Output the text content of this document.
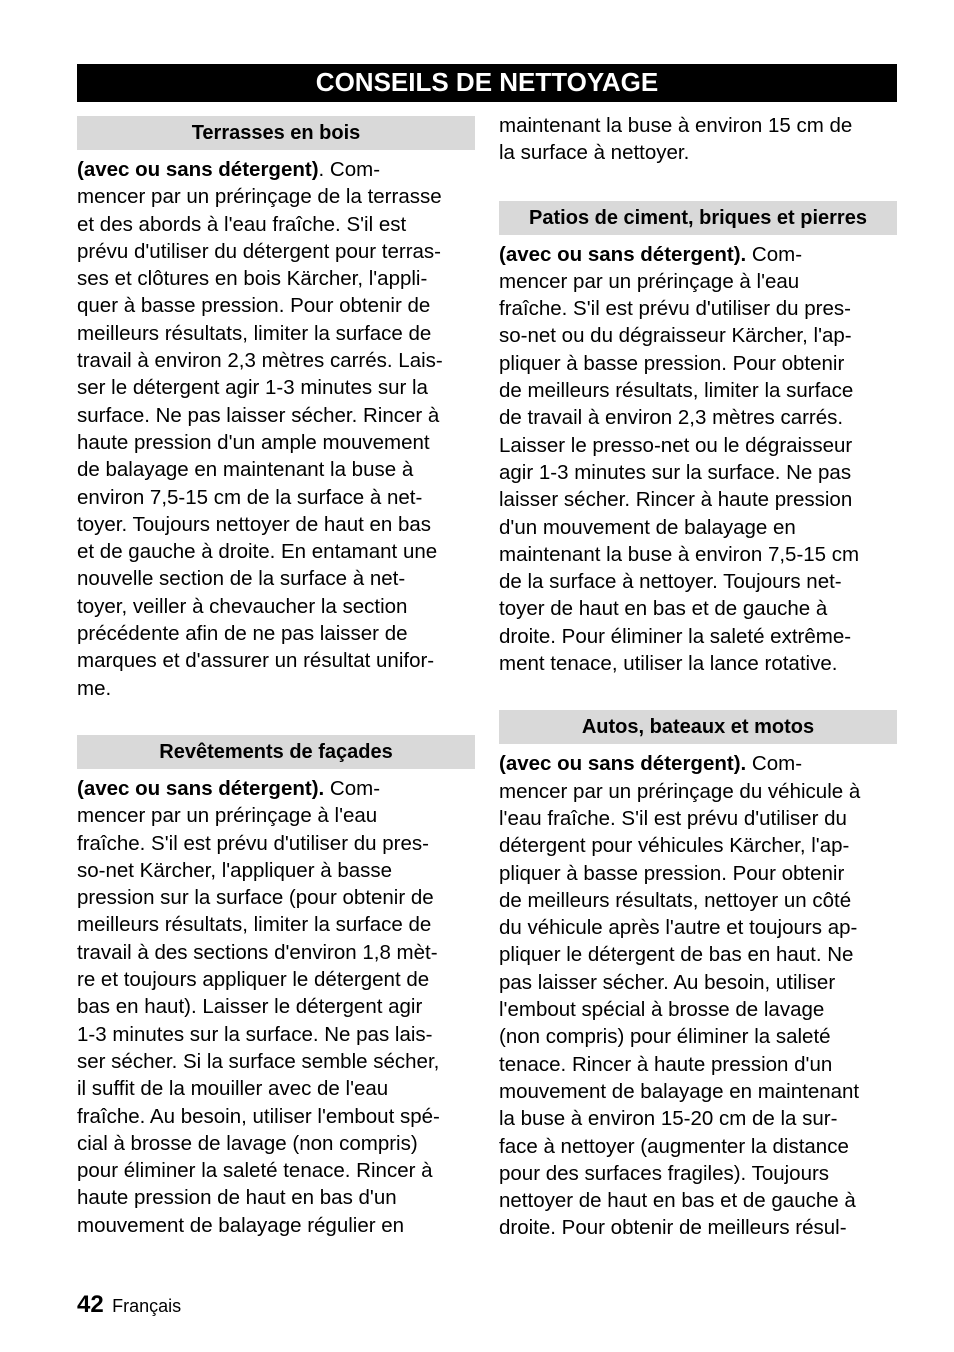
CONSEILS DE NETTOYAGE
Terrasses en bois
(avec ou sans détergent). Com-
mencer par un prérinçage de la terrasse
et des abords à l'eau fraîche. S'il est
prévu d'utiliser du détergent pour terras-
ses et clôtures en bois Kärcher, l'appli-
quer à basse pression. Pour obtenir de
meilleurs résultats, limiter la surface de
travail à environ 2,3 mètres carrés. Lais-
ser le détergent agir 1-3 minutes sur la
surface. Ne pas laisser sécher. Rincer à
haute pression d'un ample mouvement
de balayage en maintenant la buse à
environ 7,5-15 cm de la surface à net-
toyer. Toujours nettoyer de haut en bas
et de gauche à droite. En entamant une
nouvelle section de la surface à net-
toyer, veiller à chevaucher la section
précédente afin de ne pas laisser de
marques et d'assurer un résultat unifor-
me.
Revêtements de façades
(avec ou sans détergent). Com-
mencer par un prérinçage à l'eau
fraîche. S'il est prévu d'utiliser du pres-
so-net Kärcher, l'appliquer à basse
pression sur la surface (pour obtenir de
meilleurs résultats, limiter la surface de
travail à des sections d'environ 1,8 mèt-
re et toujours appliquer le détergent de
bas en haut). Laisser le détergent agir
1-3 minutes sur la surface. Ne pas lais-
ser sécher. Si la surface semble sécher,
il suffit de la mouiller avec de l'eau
fraîche. Au besoin, utiliser l'embout spé-
cial à brosse de lavage (non compris)
pour éliminer la saleté tenace. Rincer à
haute pression de haut en bas d'un
mouvement de balayage régulier en
maintenant la buse à environ 15 cm de
la surface à nettoyer.
Patios de ciment, briques et pierres
(avec ou sans détergent). Com-
mencer par un prérinçage à l'eau
fraîche. S'il est prévu d'utiliser du pres-
so-net ou du dégraisseur Kärcher, l'ap-
pliquer à basse pression. Pour obtenir
de meilleurs résultats, limiter la surface
de travail à environ 2,3 mètres carrés.
Laisser le presso-net ou le dégraisseur
agir 1-3 minutes sur la surface. Ne pas
laisser sécher. Rincer à haute pression
d'un mouvement de balayage en
maintenant la buse à environ 7,5-15 cm
de la surface à nettoyer. Toujours net-
toyer de haut en bas et de gauche à
droite. Pour éliminer la saleté extrême-
ment tenace, utiliser la lance rotative.
Autos, bateaux et motos
(avec ou sans détergent). Com-
mencer par un prérinçage du véhicule à
l'eau fraîche. S'il est prévu d'utiliser du
détergent pour véhicules Kärcher, l'ap-
pliquer à basse pression. Pour obtenir
de meilleurs résultats, nettoyer un côté
du véhicule après l'autre et toujours ap-
pliquer le détergent de bas en haut. Ne
pas laisser sécher. Au besoin, utiliser
l'embout spécial à brosse de lavage
(non compris) pour éliminer la saleté
tenace. Rincer à haute pression d'un
mouvement de balayage en maintenant
la buse à environ 15-20 cm de la sur-
face à nettoyer (augmenter la distance
pour des surfaces fragiles). Toujours
nettoyer de haut en bas et de gauche à
droite. Pour obtenir de meilleurs résul-
42 Français
